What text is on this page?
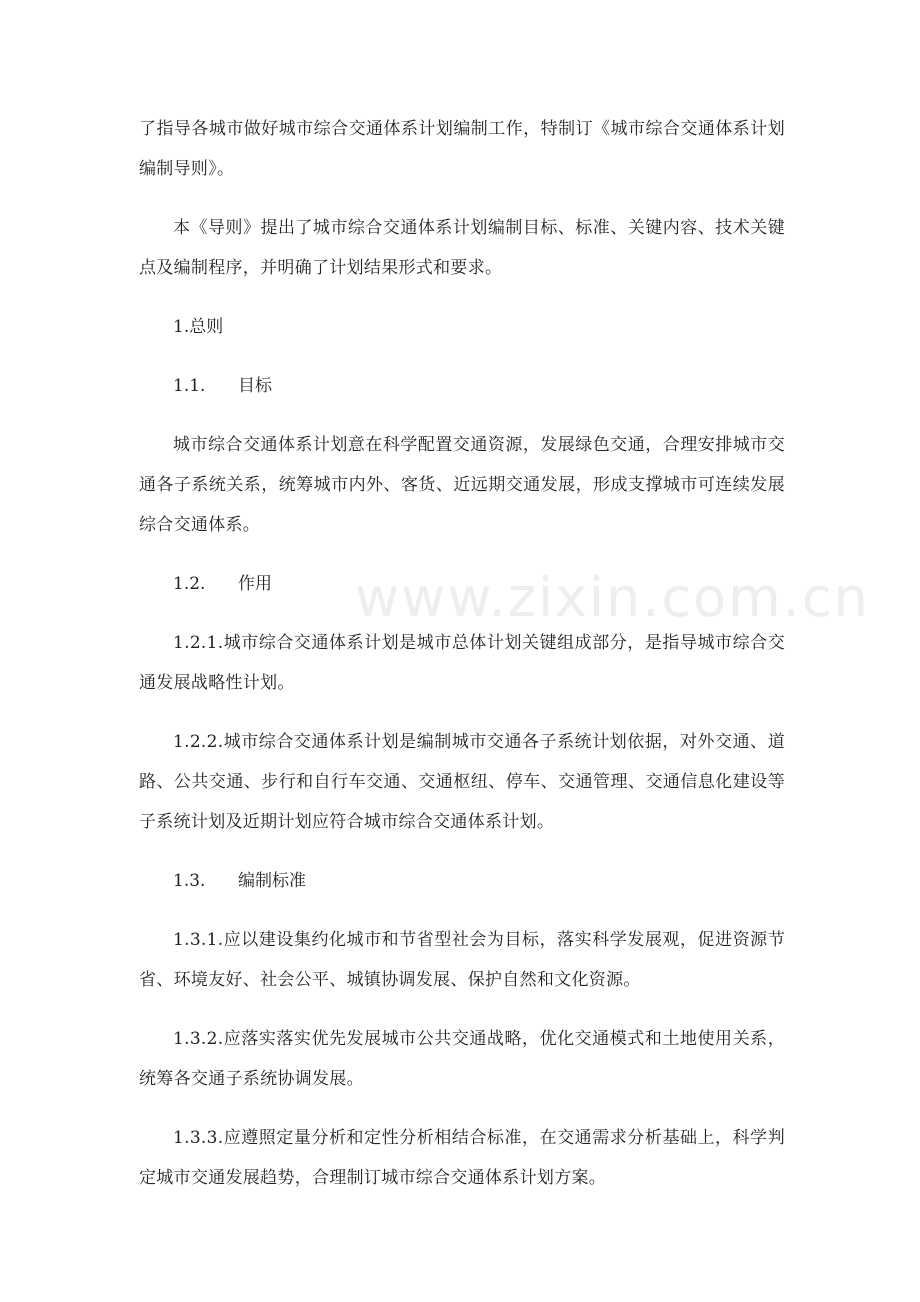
了指导各城市做好城市综合交通体系计划编制工作，特制订《城市综合交通体系计划编制导则》。

本《导则》提出了城市综合交通体系计划编制目标、标准、关键内容、技术关键点及编制程序，并明确了计划结果形式和要求。

1. 总则
1.1.	目标

城市综合交通体系计划意在科学配置交通资源，发展绿色交通，合理安排城市交通各子系统关系，统筹城市内外、客货、近远期交通发展，形成支撑城市可连续发展综合交通体系。

1.2.	作用

1.2.1.城市综合交通体系计划是城市总体计划关键组成部分，是指导城市综合交通发展战略性计划。

1.2.2.城市综合交通体系计划是编制城市交通各子系统计划依据，对外交通、道路、公共交通、步行和自行车交通、交通枢纽、停车、交通管理、交通信息化建设等子系统计划及近期计划应符合城市综合交通体系计划。

1.3.	编制标准

1.3.1.应以建设集约化城市和节省型社会为目标，落实科学发展观，促进资源节省、环境友好、社会公平、城镇协调发展、保护自然和文化资源。

1.3.2.应落实落实优先发展城市公共交通战略，优化交通模式和土地使用关系，统筹各交通子系统协调发展。

1.3.3.应遵照定量分析和定性分析相结合标准，在交通需求分析基础上，科学判定城市交通发展趋势，合理制订城市综合交通体系计划方案。

www.zixin.com.cn
